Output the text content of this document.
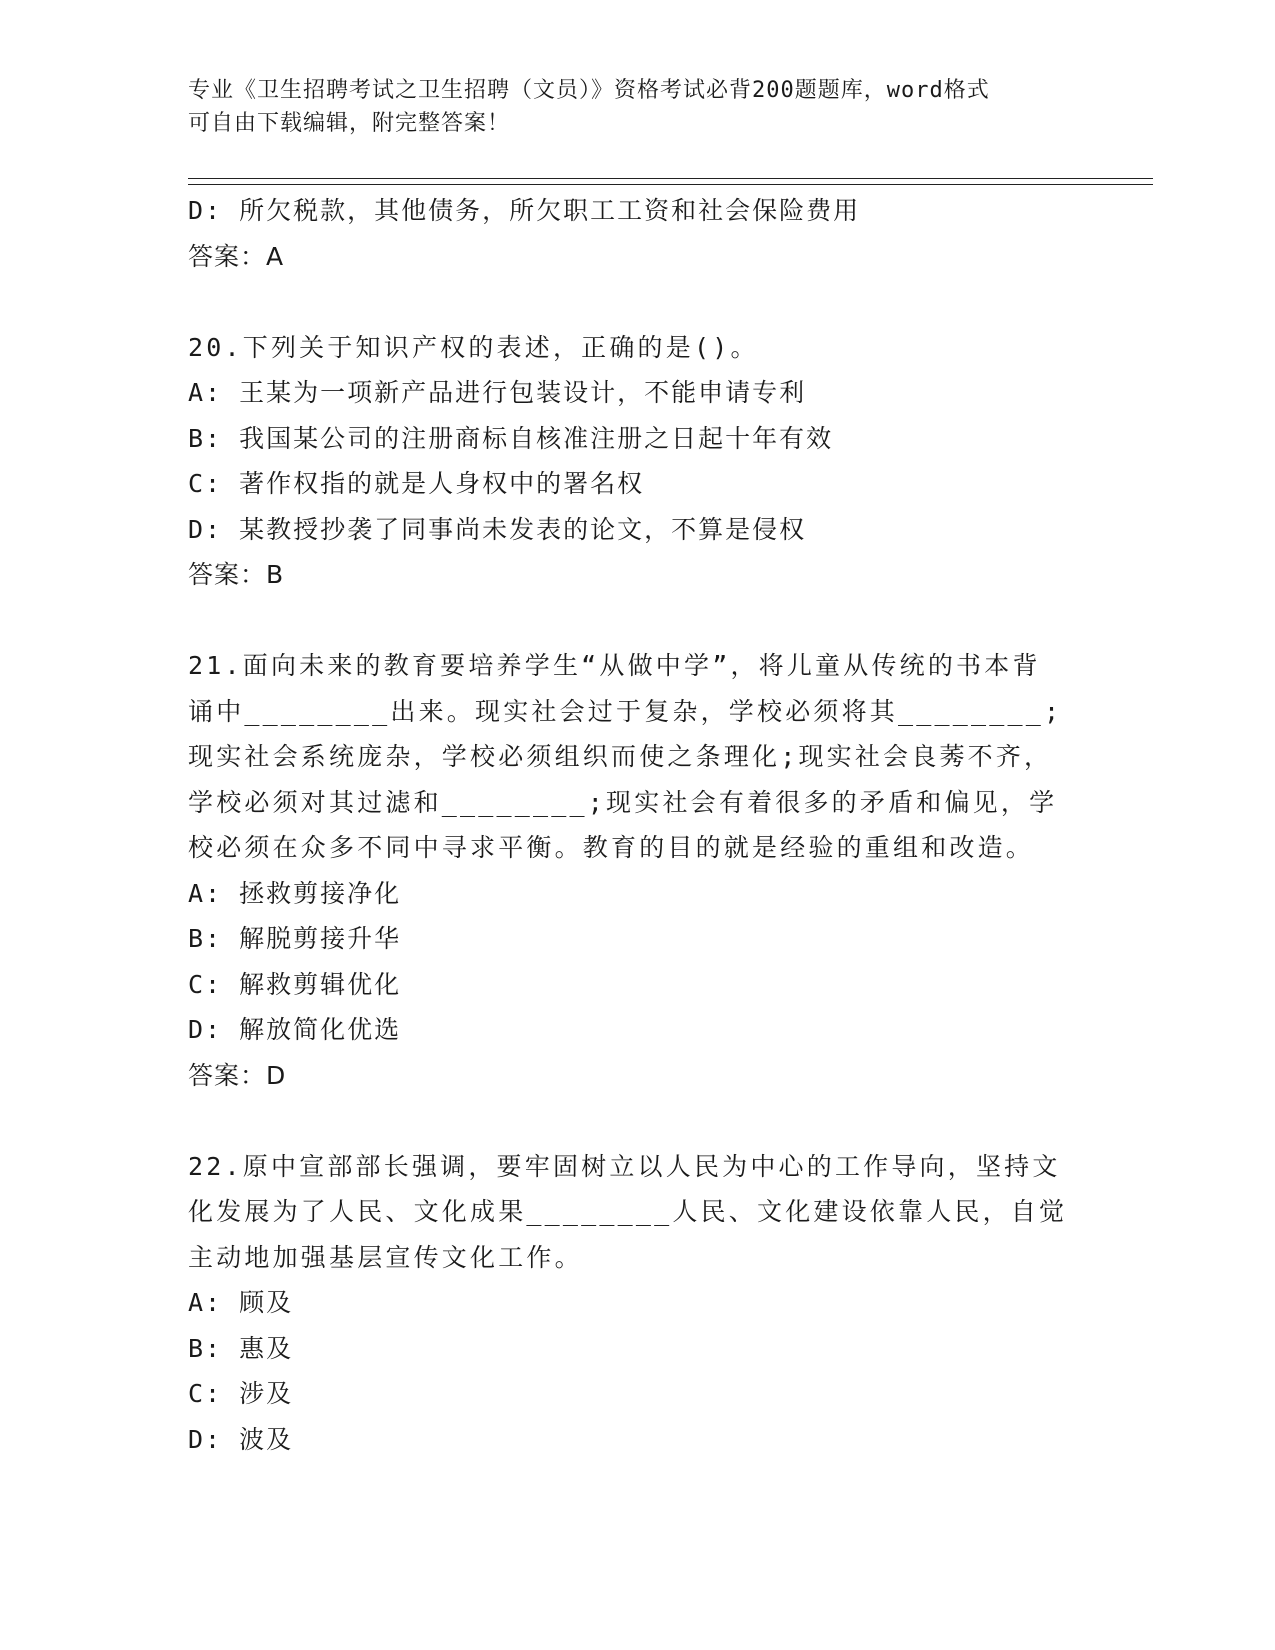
专业《卫生招聘考试之卫生招聘（文员）》资格考试必背200题题库，word格式
可自由下载编辑，附完整答案！
D: 所欠税款，其他债务，所欠职工工资和社会保险费用
答案：A
20.下列关于知识产权的表述，正确的是()。
A: 王某为一项新产品进行包装设计，不能申请专利
B: 我国某公司的注册商标自核准注册之日起十年有效
C: 著作权指的就是人身权中的署名权
D: 某教授抄袭了同事尚未发表的论文，不算是侵权
答案：B
21.面向未来的教育要培养学生“从做中学”，将儿童从传统的书本背诵中________出来。现实社会过于复杂，学校必须将其________;现实社会系统庞杂，学校必须组织而使之条理化;现实社会良莠不齐，学校必须对其过滤和________;现实社会有着很多的矛盾和偏见，学校必须在众多不同中寻求平衡。教育的目的就是经验的重组和改造。
A: 拯救剪接净化
B: 解脱剪接升华
C: 解救剪辑优化
D: 解放简化优选
答案：D
22.原中宣部部长强调，要牢固树立以人民为中心的工作导向，坚持文化发展为了人民、文化成果________人民、文化建设依靠人民，自觉主动地加强基层宣传文化工作。
A: 顾及
B: 惠及
C: 涉及
D: 波及
